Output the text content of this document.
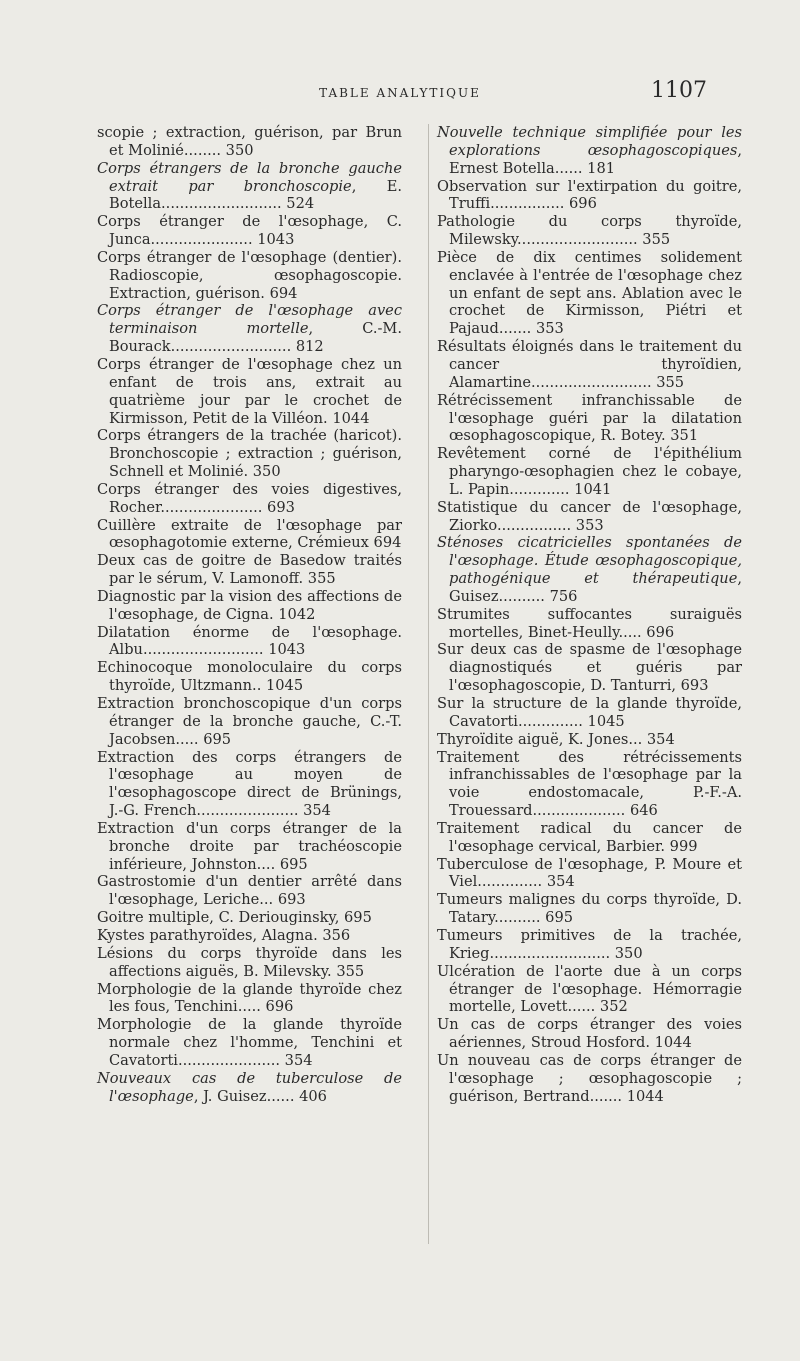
TABLE ANALYTIQUE	1107

scopie ; extraction, guérison, par Brun et Molinié........ 350

Corps étrangers de la bronche gauche extrait par bronchoscopie, E. Botella.......................... 524

Corps étranger de l'œsophage, C. Junca...................... 1043

Corps étranger de l'œsophage (dentier). Radioscopie, œsophagoscopie. Extraction, guérison. 694

Corps étranger de l'œsophage avec terminaison mortelle, C.-M. Bourack.......................... 812

Corps étranger de l'œsophage chez un enfant de trois ans, extrait au quatrième jour par le crochet de Kirmisson, Petit de la Villéon. 1044

Corps étrangers de la trachée (haricot). Bronchoscopie ; extraction ; guérison, Schnell et Molinié. 350

Corps étranger des voies digestives, Rocher...................... 693

Cuillère extraite de l'œsophage par œsophagotomie externe, Crémieux 694

Deux cas de goitre de Basedow traités par le sérum, V. Lamonoff. 355

Diagnostic par la vision des affections de l'œsophage, de Cigna. 1042

Dilatation énorme de l'œsophage. Albu.......................... 1043

Echinocoque monoloculaire du corps thyroïde, Ultzmann.. 1045

Extraction bronchoscopique d'un corps étranger de la bronche gauche, C.-T. Jacobsen..... 695

Extraction des corps étrangers de l'œsophage au moyen de l'œsophagoscope direct de Brünings, J.-G. French...................... 354

Extraction d'un corps étranger de la bronche droite par trachéoscopie inférieure, Johnston.... 695

Gastrostomie d'un dentier arrêté dans l'œsophage, Leriche... 693

Goitre multiple, C. Deriouginsky, 695

Kystes parathyroïdes, Alagna. 356

Lésions du corps thyroïde dans les affections aiguës, B. Milevsky. 355

Morphologie de la glande thyroïde chez les fous, Tenchini..... 696

Morphologie de la glande thyroïde normale chez l'homme, Tenchini et Cavatorti...................... 354

Nouveaux cas de tuberculose de l'œsophage, J. Guisez...... 406

Nouvelle technique simplifiée pour les explorations œsophagoscopiques, Ernest Botella...... 181

Observation sur l'extirpation du goitre, Truffi................ 696

Pathologie du corps thyroïde, Milewsky.......................... 355

Pièce de dix centimes solidement enclavée à l'entrée de l'œsophage chez un enfant de sept ans. Ablation avec le crochet de Kirmisson, Piétri et Pajaud....... 353

Résultats éloignés dans le traitement du cancer thyroïdien, Alamartine.......................... 355

Rétrécissement infranchissable de l'œsophage guéri par la dilatation œsophagoscopique, R. Botey. 351

Revêtement corné de l'épithélium pharyngo-œsophagien chez le cobaye, L. Papin............. 1041

Statistique du cancer de l'œsophage, Ziorko................ 353

Sténoses cicatricielles spontanées de l'œsophage. Étude œsophagoscopique, pathogénique et thérapeutique, Guisez.......... 756

Strumites suffocantes suraiguës mortelles, Binet-Heully..... 696

Sur deux cas de spasme de l'œsophage diagnostiqués et guéris par l'œsophagoscopie, D. Tanturri, 693

Sur la structure de la glande thyroïde, Cavatorti.............. 1045

Thyroïdite aiguë, K. Jones... 354

Traitement des rétrécissements infranchissables de l'œsophage par la voie endostomacale, P.-F.-A. Trouessard.................... 646

Traitement radical du cancer de l'œsophage cervical, Barbier. 999

Tuberculose de l'œsophage, P. Moure et Viel.............. 354

Tumeurs malignes du corps thyroïde, D. Tatary.......... 695

Tumeurs primitives de la trachée, Krieg.......................... 350

Ulcération de l'aorte due à un corps étranger de l'œsophage. Hémorragie mortelle, Lovett...... 352

Un cas de corps étranger des voies aériennes, Stroud Hosford. 1044

Un nouveau cas de corps étranger de l'œsophage ; œsophagoscopie ; guérison, Bertrand....... 1044
